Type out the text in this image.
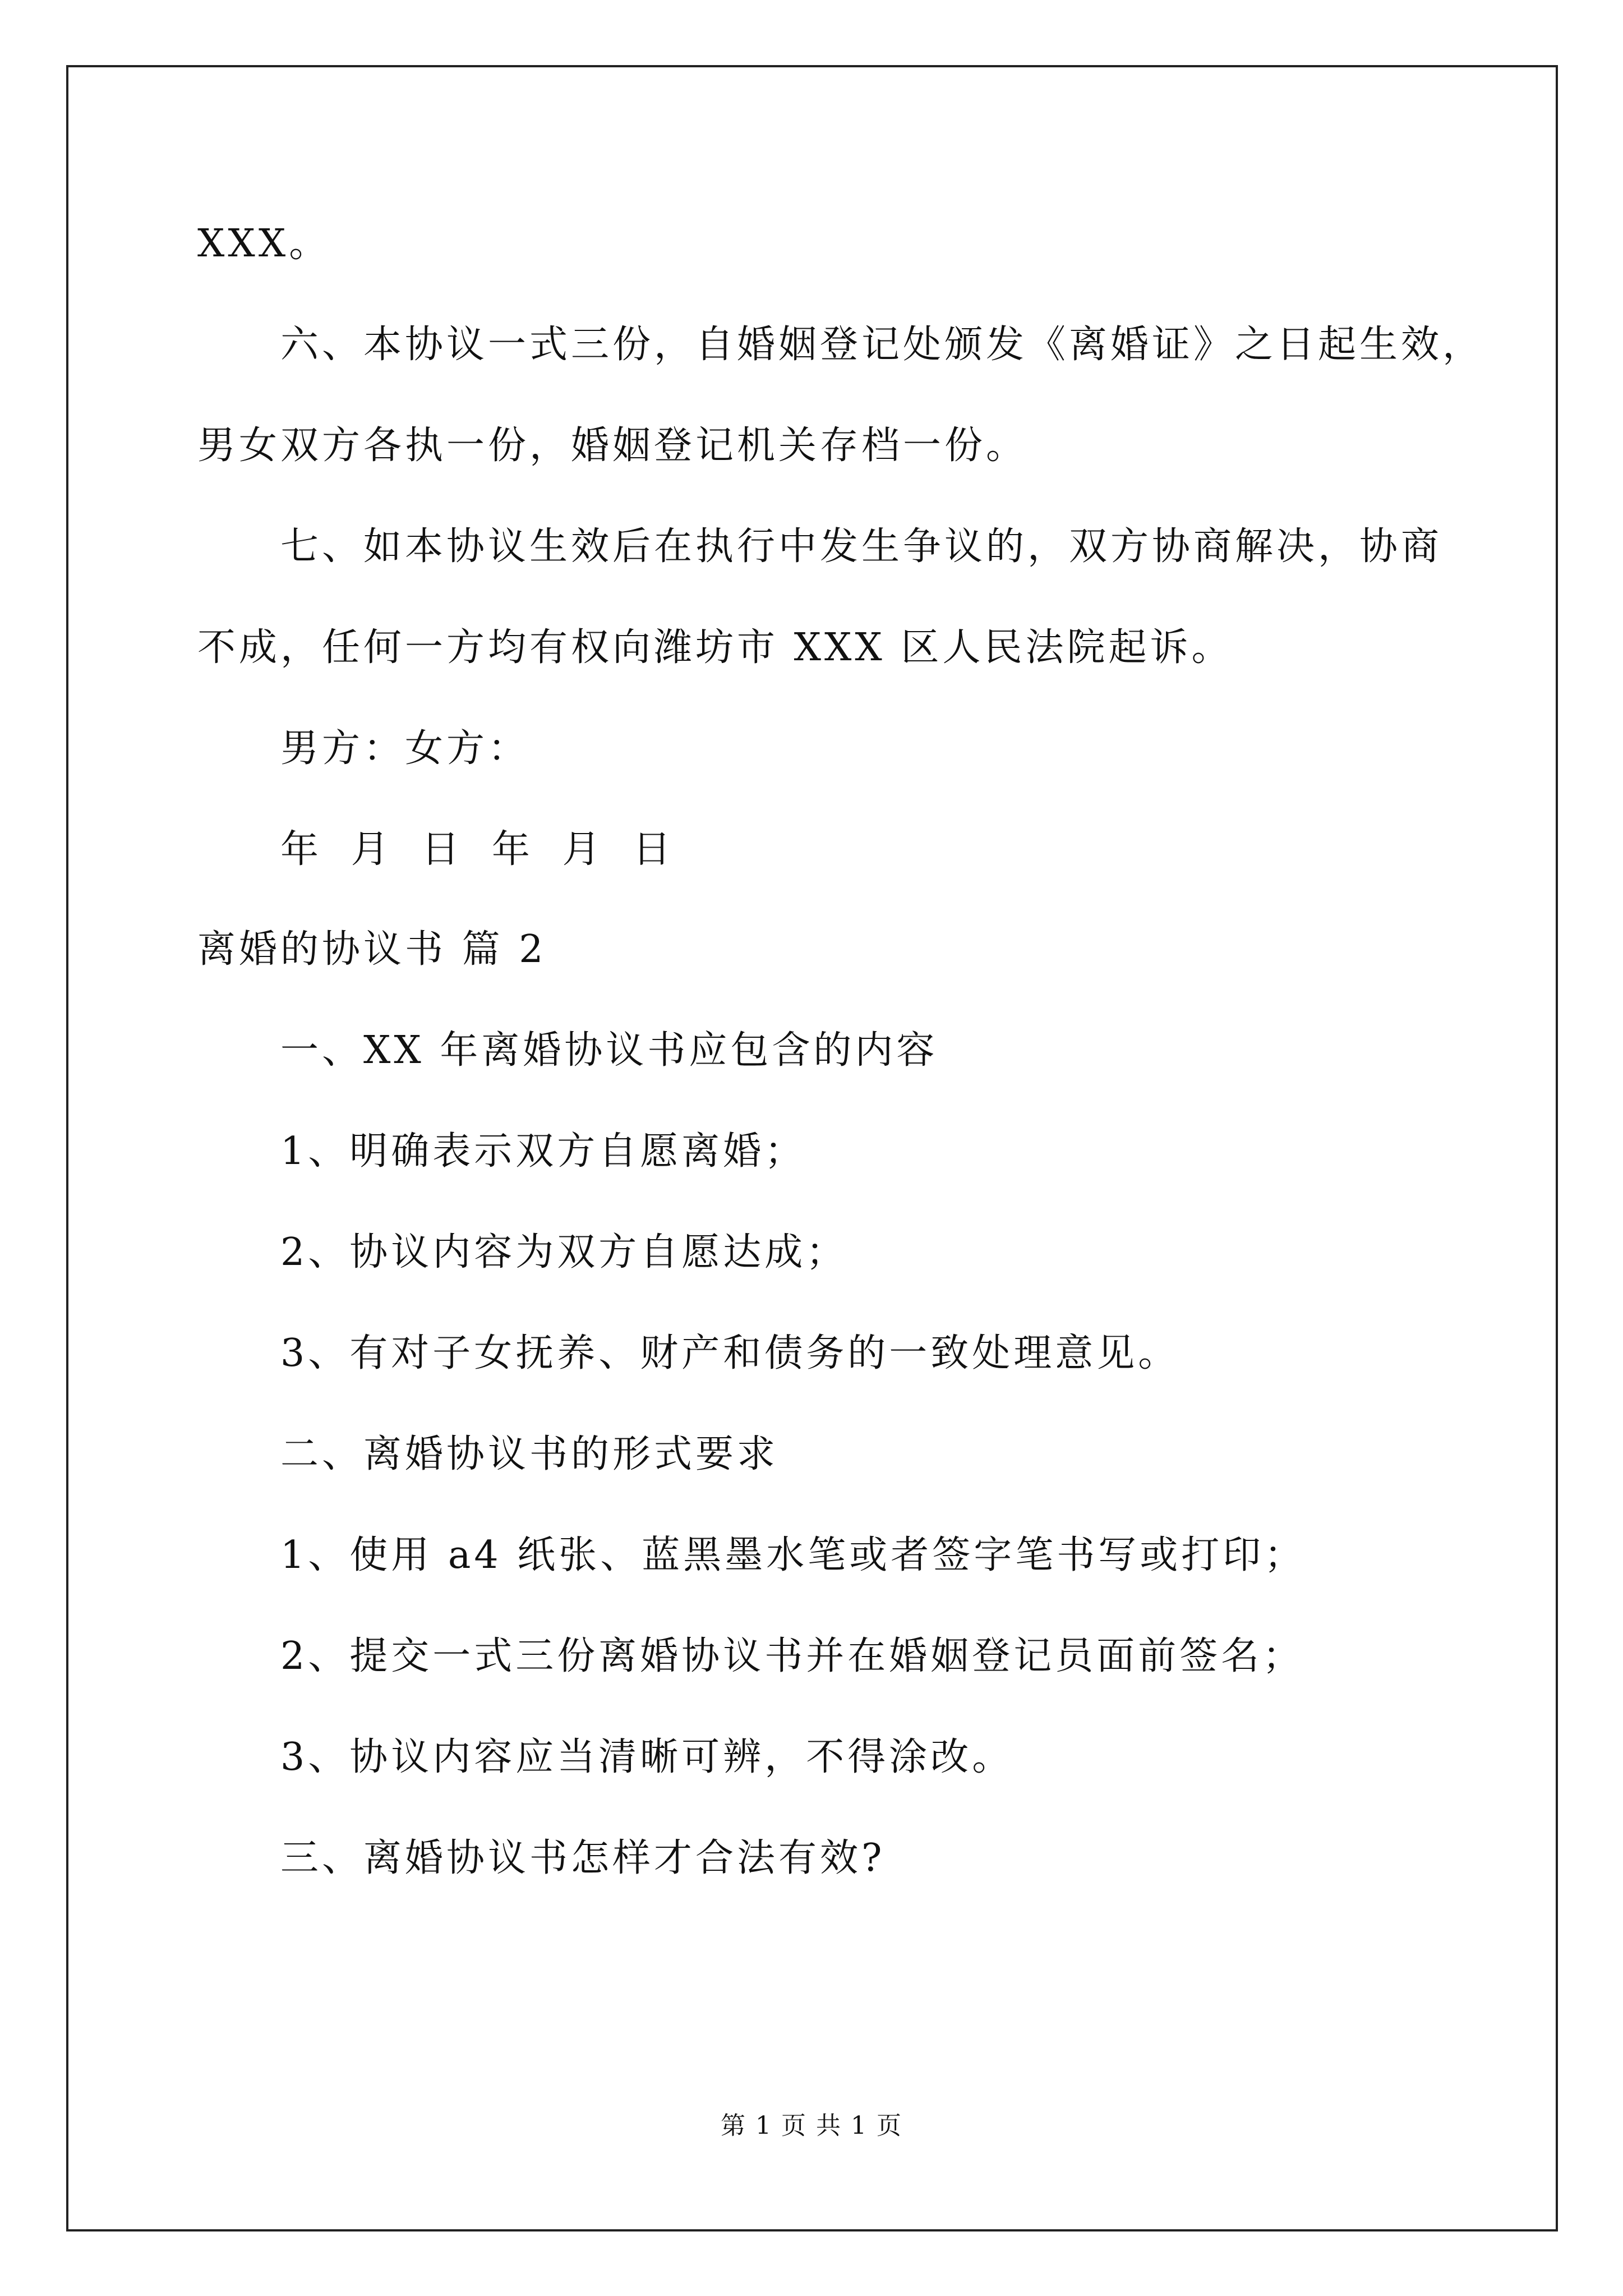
XXX。
六、本协议一式三份，自婚姻登记处颁发《离婚证》之日起生效，
男女双方各执一份，婚姻登记机关存档一份。
七、如本协议生效后在执行中发生争议的，双方协商解决，协商
不成，任何一方均有权向潍坊市 XXX 区人民法院起诉。
男方：女方：
年 月 日 年 月 日
离婚的协议书 篇 2
一、XX 年离婚协议书应包含的内容
1、明确表示双方自愿离婚；
2、协议内容为双方自愿达成；
3、有对子女抚养、财产和债务的一致处理意见。
二、离婚协议书的形式要求
1、使用 a4 纸张、蓝黑墨水笔或者签字笔书写或打印；
2、提交一式三份离婚协议书并在婚姻登记员面前签名；
3、协议内容应当清晰可辨，不得涂改。
三、离婚协议书怎样才合法有效?
第 1 页 共 1 页
